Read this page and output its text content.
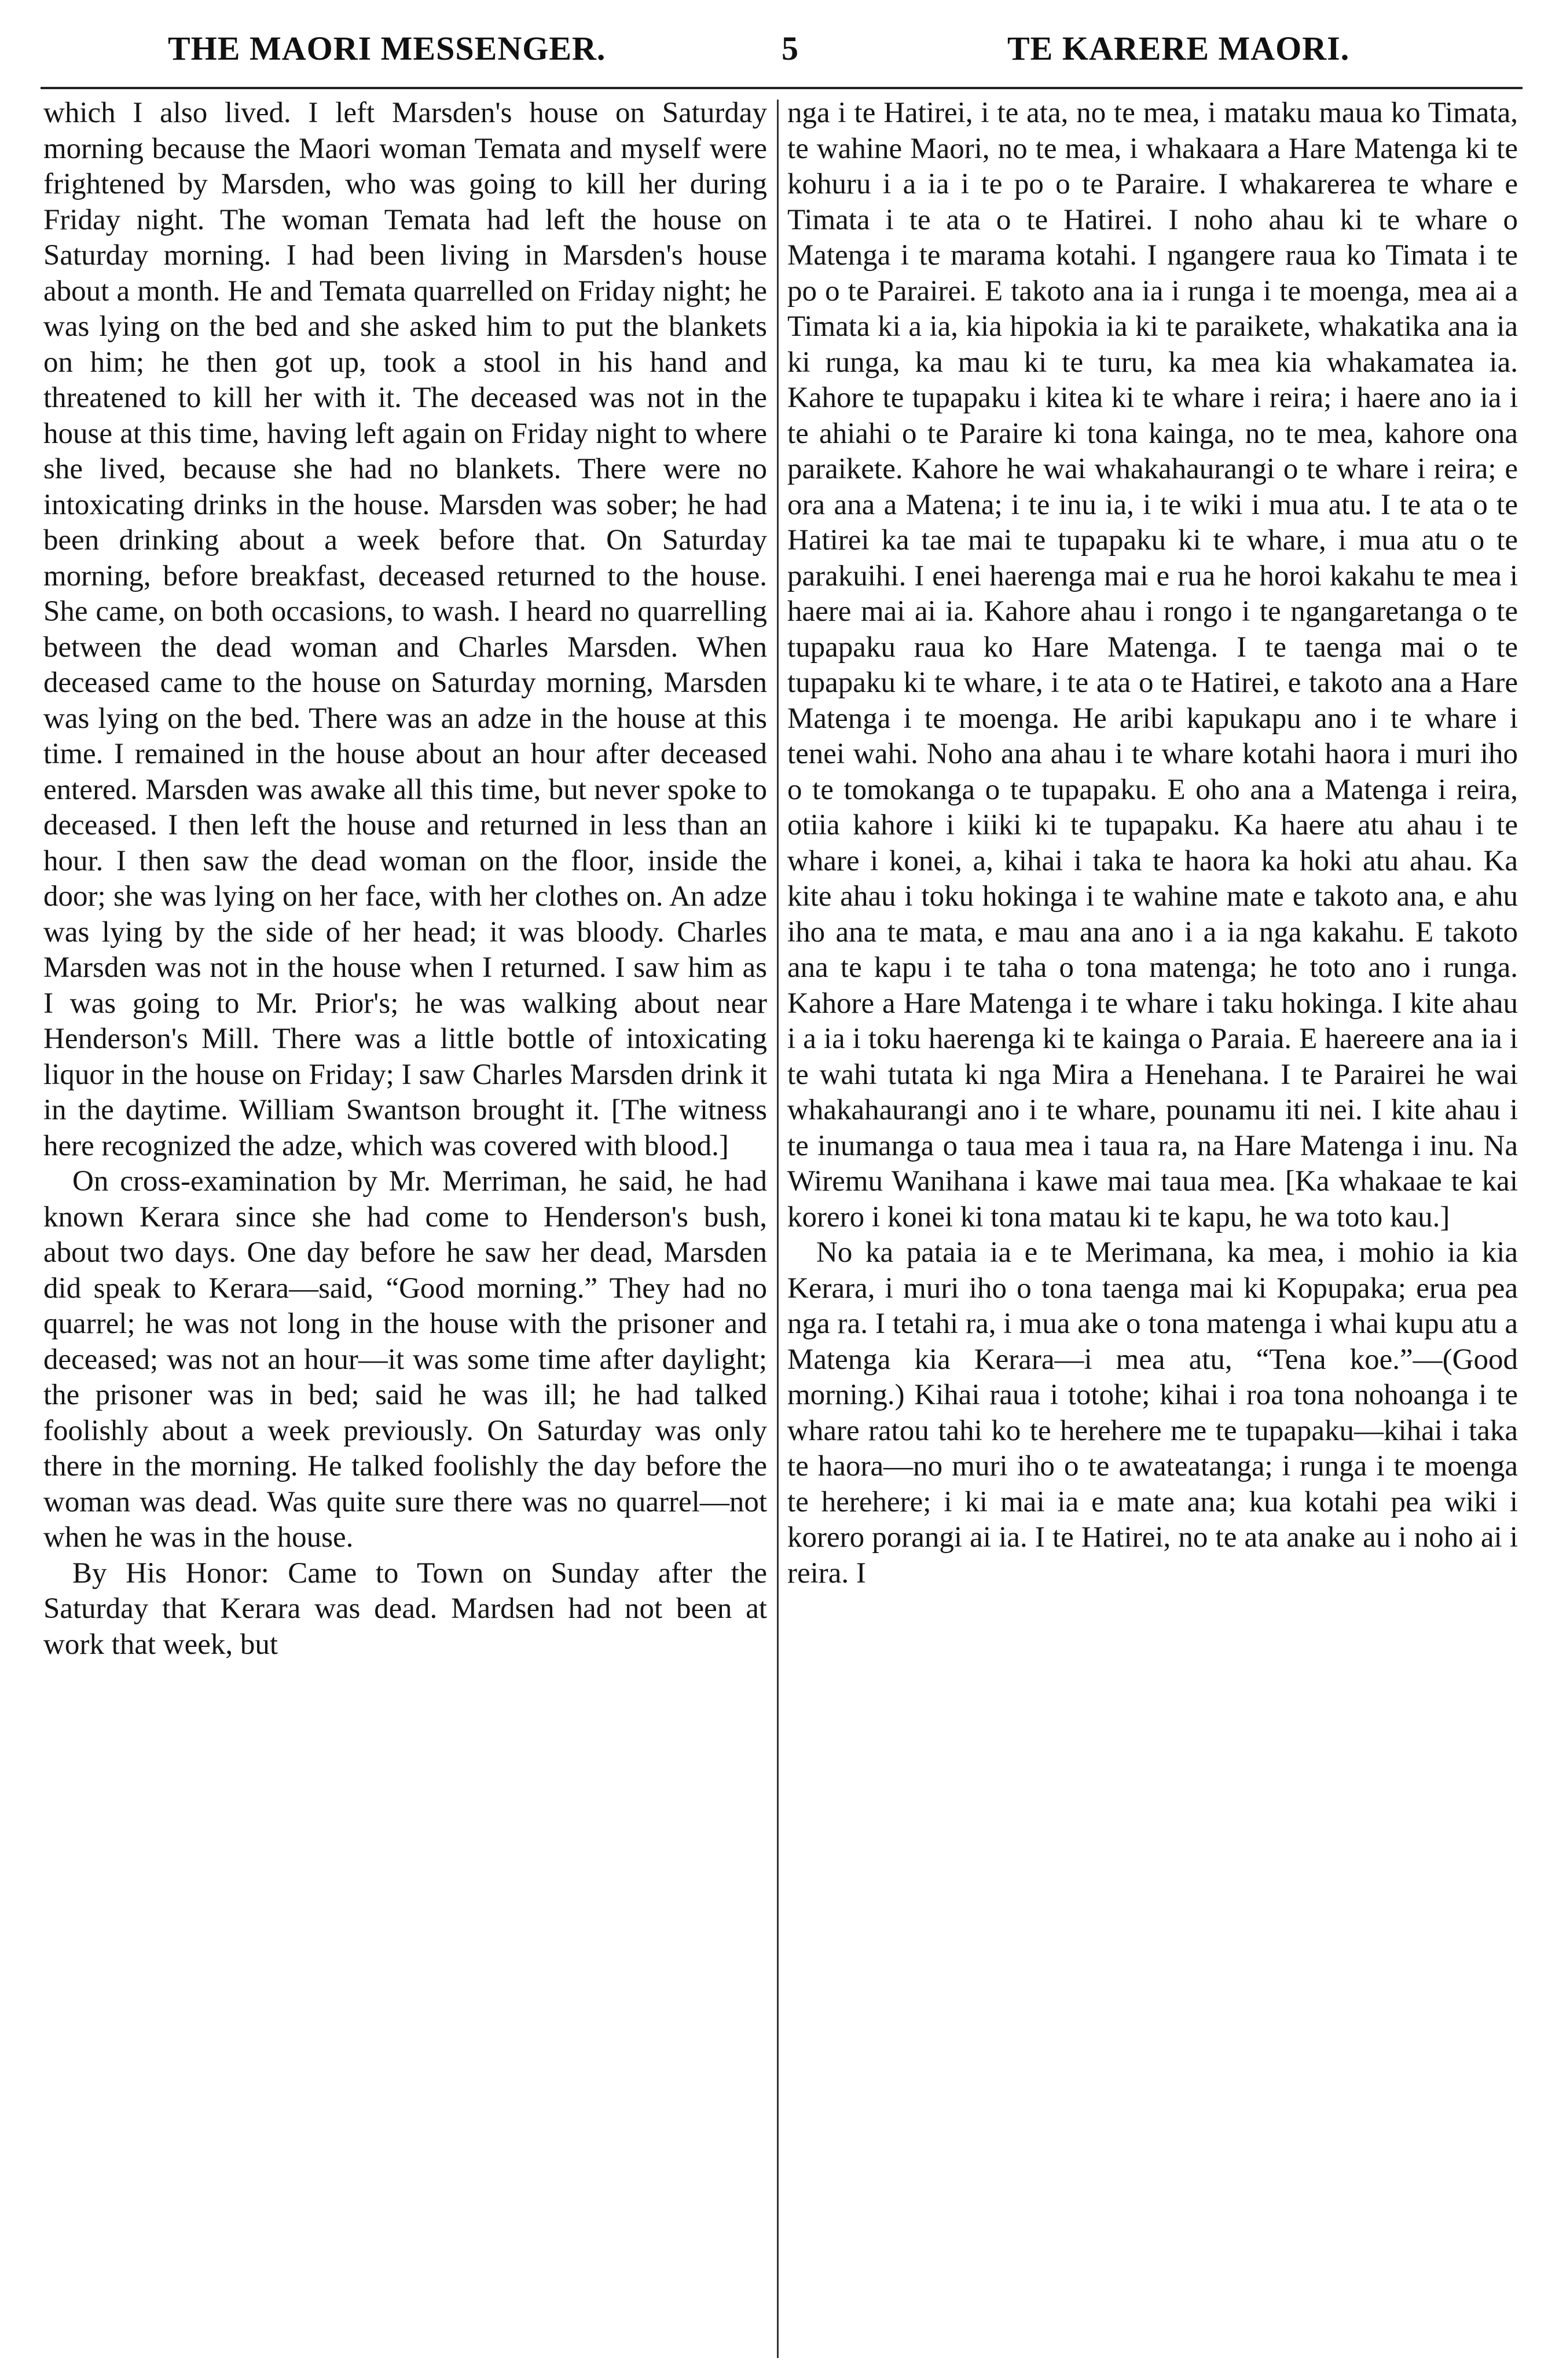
THE MAORI MESSENGER.	5	TE KARERE MAORI.

which I also lived. I left Marsden's house on Saturday morning because the Maori woman Temata and myself were frightened by Marsden, who was going to kill her during Friday night. The woman Temata had left the house on Saturday morning. I had been living in Marsden's house about a month. He and Temata quarrelled on Friday night; he was lying on the bed and she asked him to put the blankets on him; he then got up, took a stool in his hand and threatened to kill her with it. The deceased was not in the house at this time, having left again on Friday night to where she lived, because she had no blankets. There were no intoxicating drinks in the house. Marsden was sober; he had been drinking about a week before that. On Saturday morning, before breakfast, deceased returned to the house. She came, on both occasions, to wash. I heard no quarrelling between the dead woman and Charles Marsden. When deceased came to the house on Saturday morning, Marsden was lying on the bed. There was an adze in the house at this time. I remained in the house about an hour after deceased entered. Marsden was awake all this time, but never spoke to deceased. I then left the house and returned in less than an hour. I then saw the dead woman on the floor, inside the door; she was lying on her face, with her clothes on. An adze was lying by the side of her head; it was bloody. Charles Marsden was not in the house when I returned. I saw him as I was going to Mr. Prior's; he was walking about near Henderson's Mill. There was a little bottle of intoxicating liquor in the house on Friday; I saw Charles Marsden drink it in the daytime. William Swantson brought it. [The witness here recognized the adze, which was covered with blood.]

On cross-examination by Mr. Merriman, he said, he had known Kerara since she had come to Henderson's bush, about two days. One day before he saw her dead, Marsden did speak to Kerara—said, “Good morning.” They had no quarrel; he was not long in the house with the prisoner and deceased; was not an hour—it was some time after daylight; the prisoner was in bed; said he was ill; he had talked foolishly about a week previously. On Saturday was only there in the morning. He talked foolishly the day before the woman was dead. Was quite sure there was no quarrel—not when he was in the house.

By His Honor: Came to Town on Sunday after the Saturday that Kerara was dead. Mardsen had not been at work that week, but

nga i te Hatirei, i te ata, no te mea, i mataku maua ko Timata, te wahine Maori, no te mea, i whakaara a Hare Matenga ki te kohuru i a ia i te po o te Paraire. I whakarerea te whare e Timata i te ata o te Hatirei. I noho ahau ki te whare o Matenga i te marama kotahi. I ngangere raua ko Timata i te po o te Parairei. E takoto ana ia i runga i te moenga, mea ai a Timata ki a ia, kia hipokia ia ki te paraikete, whakatika ana ia ki runga, ka mau ki te turu, ka mea kia whakamatea ia. Kahore te tupapaku i kitea ki te whare i reira; i haere ano ia i te ahiahi o te Paraire ki tona kainga, no te mea, kahore ona paraikete. Kahore he wai whakahaurangi o te whare i reira; e ora ana a Matena; i te inu ia, i te wiki i mua atu. I te ata o te Hatirei ka tae mai te tupapaku ki te whare, i mua atu o te parakuihi. I enei haerenga mai e rua he horoi kakahu te mea i haere mai ai ia. Kahore ahau i rongo i te ngangaretanga o te tupapaku raua ko Hare Matenga. I te taenga mai o te tupapaku ki te whare, i te ata o te Hatirei, e takoto ana a Hare Matenga i te moenga. He aribi kapukapu ano i te whare i tenei wahi. Noho ana ahau i te whare kotahi haora i muri iho o te tomokanga o te tupapaku. E oho ana a Matenga i reira, otiia kahore i kiiki ki te tupapaku. Ka haere atu ahau i te whare i konei, a, kihai i taka te haora ka hoki atu ahau. Ka kite ahau i toku hokinga i te wahine mate e takoto ana, e ahu iho ana te mata, e mau ana ano i a ia nga kakahu. E takoto ana te kapu i te taha o tona matenga; he toto ano i runga. Kahore a Hare Matenga i te whare i taku hokinga. I kite ahau i a ia i toku haerenga ki te kainga o Paraia. E haereere ana ia i te wahi tutata ki nga Mira a Henehana. I te Parairei he wai whakahaurangi ano i te whare, pounamu iti nei. I kite ahau i te inumanga o taua mea i taua ra, na Hare Matenga i inu. Na Wiremu Wanihana i kawe mai taua mea. [Ka whakaae te kai korero i konei ki tona matau ki te kapu, he wa toto kau.]

No ka pataia ia e te Merimana, ka mea, i mohio ia kia Kerara, i muri iho o tona taenga mai ki Kopupaka; erua pea nga ra. I tetahi ra, i mua ake o tona matenga i whai kupu atu a Matenga kia Kerara—i mea atu, “Tena koe.”—(Good morning.) Kihai raua i totohe; kihai i roa tona nohoanga i te whare ratou tahi ko te herehere me te tupapaku—kihai i taka te haora—no muri iho o te awateatanga; i runga i te moenga te herehere; i ki mai ia e mate ana; kua kotahi pea wiki i korero porangi ai ia. I te Hatirei, no te ata anake au i noho ai i reira. I
